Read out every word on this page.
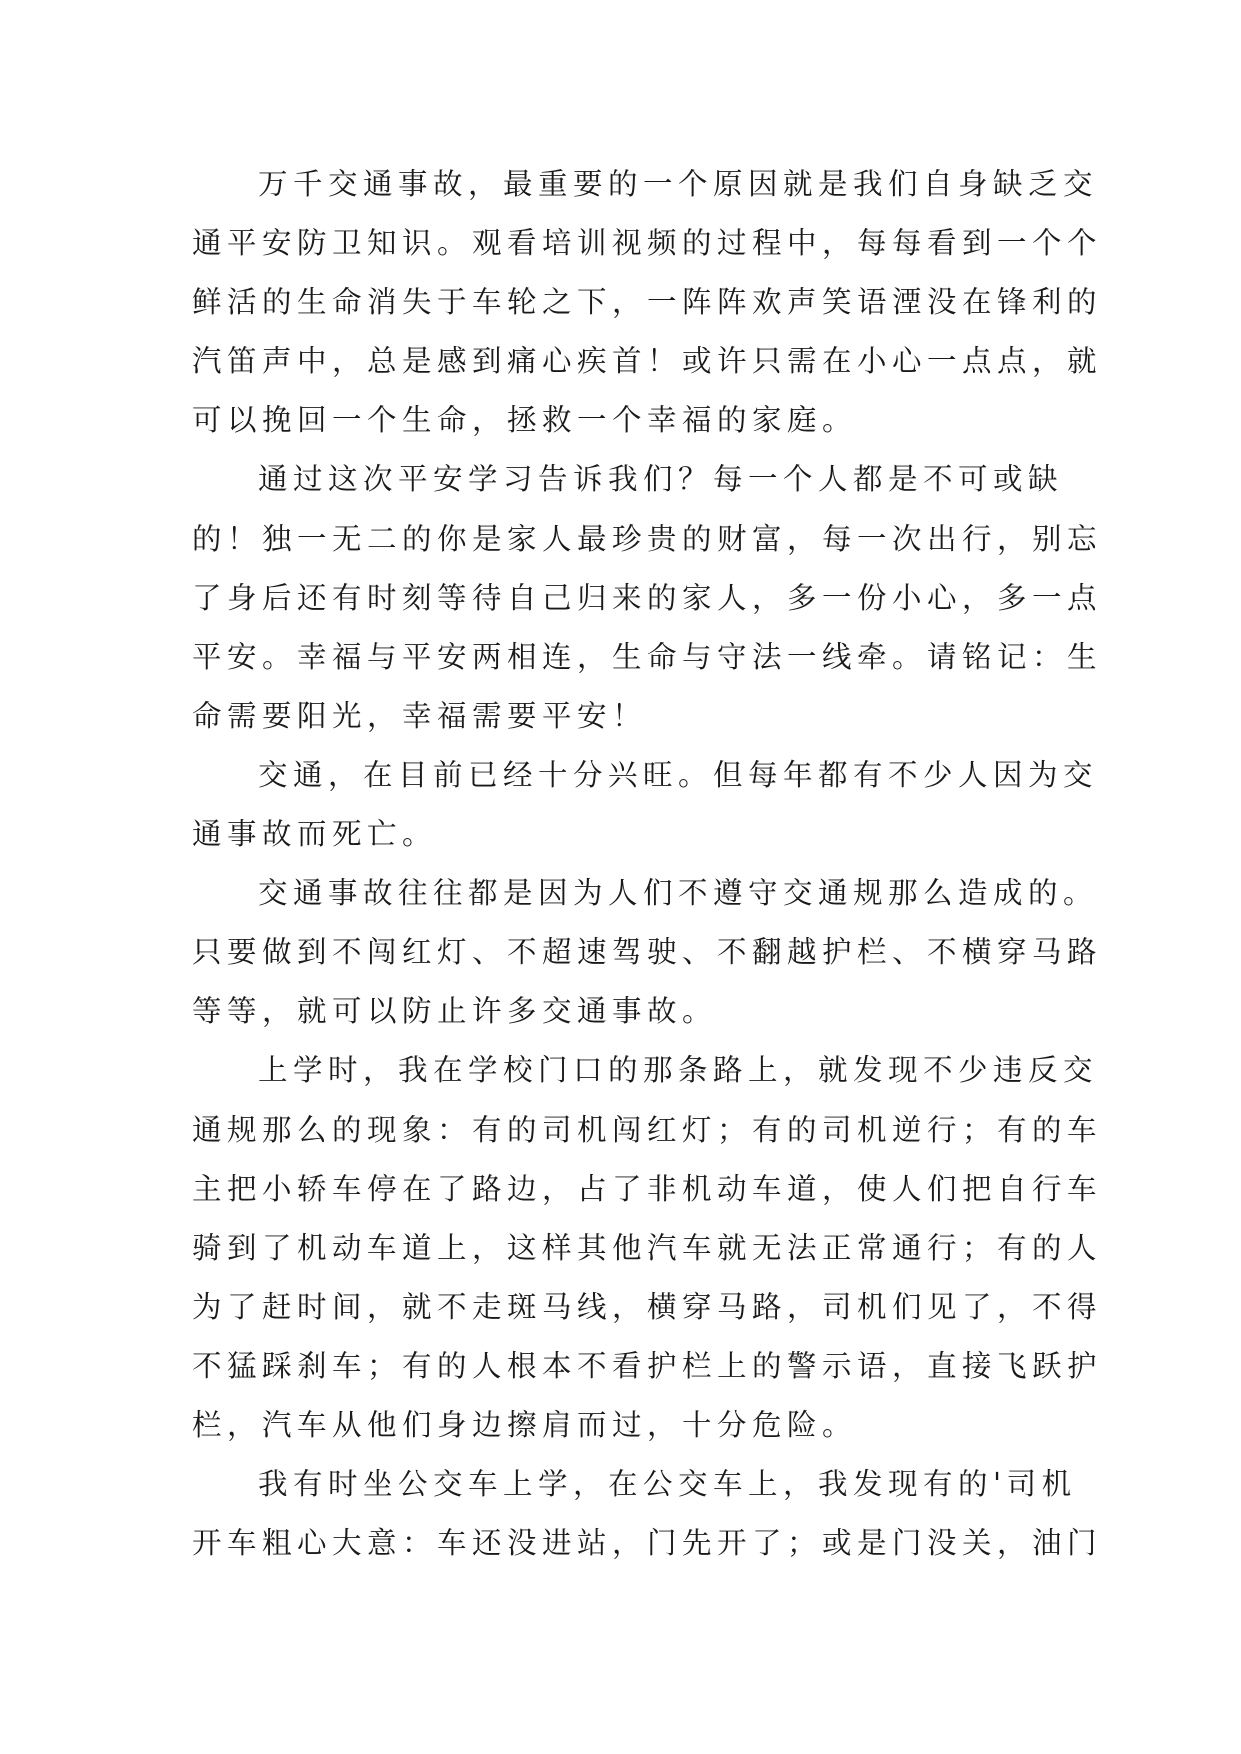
万千交通事故，最重要的一个原因就是我们自身缺乏交
通平安防卫知识。观看培训视频的过程中，每每看到一个个
鲜活的生命消失于车轮之下，一阵阵欢声笑语湮没在锋利的
汽笛声中，总是感到痛心疾首！或许只需在小心一点点，就
可以挽回一个生命，拯救一个幸福的家庭。
通过这次平安学习告诉我们？每一个人都是不可或缺
的！独一无二的你是家人最珍贵的财富，每一次出行，别忘
了身后还有时刻等待自己归来的家人，多一份小心，多一点
平安。幸福与平安两相连，生命与守法一线牵。请铭记：生
命需要阳光，幸福需要平安！
交通，在目前已经十分兴旺。但每年都有不少人因为交
通事故而死亡。
交通事故往往都是因为人们不遵守交通规那么造成的。
只要做到不闯红灯、不超速驾驶、不翻越护栏、不横穿马路
等等，就可以防止许多交通事故。
上学时，我在学校门口的那条路上，就发现不少违反交
通规那么的现象：有的司机闯红灯；有的司机逆行；有的车
主把小轿车停在了路边，占了非机动车道，使人们把自行车
骑到了机动车道上，这样其他汽车就无法正常通行；有的人
为了赶时间，就不走斑马线，横穿马路，司机们见了，不得
不猛踩刹车；有的人根本不看护栏上的警示语，直接飞跃护
栏，汽车从他们身边擦肩而过，十分危险。
我有时坐公交车上学，在公交车上，我发现有的'司机
开车粗心大意：车还没进站，门先开了；或是门没关，油门
